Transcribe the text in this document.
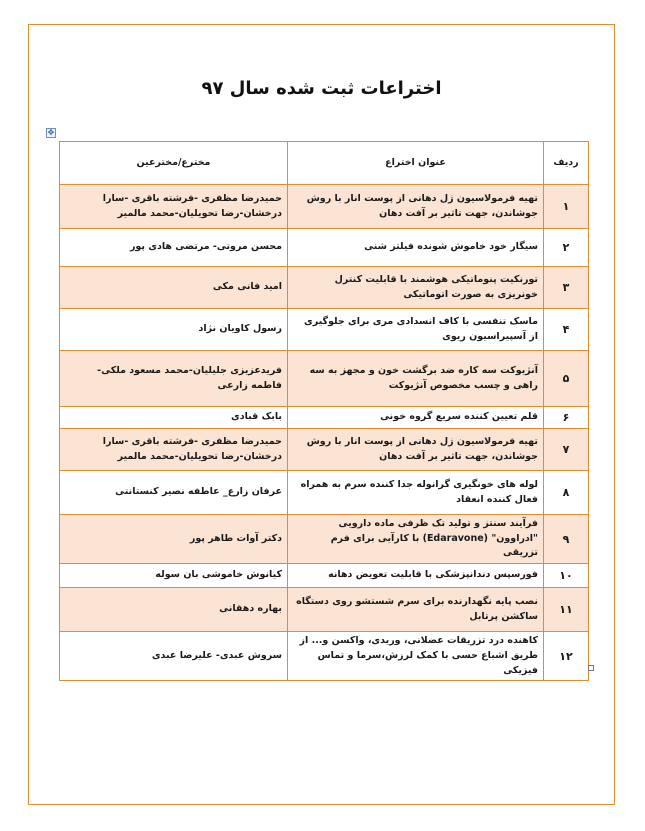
اختراعات ثبت شده سال ۹۷
✥
ردیف	عنوان اختراع	مخترع/مخترعین
۱	تهیه فرمولاسیون ژل دهانی از پوست انار با روش جوشاندن، جهت تاثیر بر آفت دهان	حمیدرضا مظفری -فرشته باقری -سارا درخشان-رضا تحویلیان-محمد مالمیر
۲	سیگار خود خاموش شونده فیلتر شنی	محسن مروتی- مرتضی هادی پور
۳	تورنکیت پنوماتیکی هوشمند با قابلیت کنترل خونریزی به صورت اتوماتیکی	امید فانی مکی
۴	ماسک تنفسی با کاف انسدادی مری برای جلوگیری از آسپیراسیون ریوی	رسول کاویان نژاد
۵	آنژیوکت سه کاره ضد برگشت خون و مجهز به سه راهی و چسب مخصوص آنژیوکت	فریدعزیزی جلیلیان-محمد مسعود ملکی- فاطمه زارعی
۶	قلم تعیین کننده سریع گروه خونی	بابک قبادی
۷	تهیه فرمولاسیون ژل دهانی از پوست انار با روش جوشاندن، جهت تاثیر بر آفت دهان	حمیدرضا مظفری -فرشته باقری -سارا درخشان-رضا تحویلیان-محمد مالمیر
۸	لوله های خونگیری گرانوله جدا کننده سرم به همراه فعال کننده انعقاد	عرفان زارع_ عاطفه نصیر کنستانتی
۹	فرآیند سنتز و تولید تک ظرفی ماده دارویی "ادراوون" (Edaravone) با کارآیی برای فرم تزریقی	دکتر آوات طاهر پور
۱۰	فورسپس دندانپزشکی با قابلیت تعویض دهانه	کیانوش خاموشی بان سوله
۱۱	نصب پایه نگهدارنده برای سرم شستشو روی دستگاه ساکشن پرتابل	بهاره دهقانی
۱۲	کاهنده درد تزریقات عضلانی، وریدی، واکسن و... از طریق اشباع حسی با کمک لرزش،سرما و تماس فیزیکی	سروش عبدی- علیرضا عبدی
